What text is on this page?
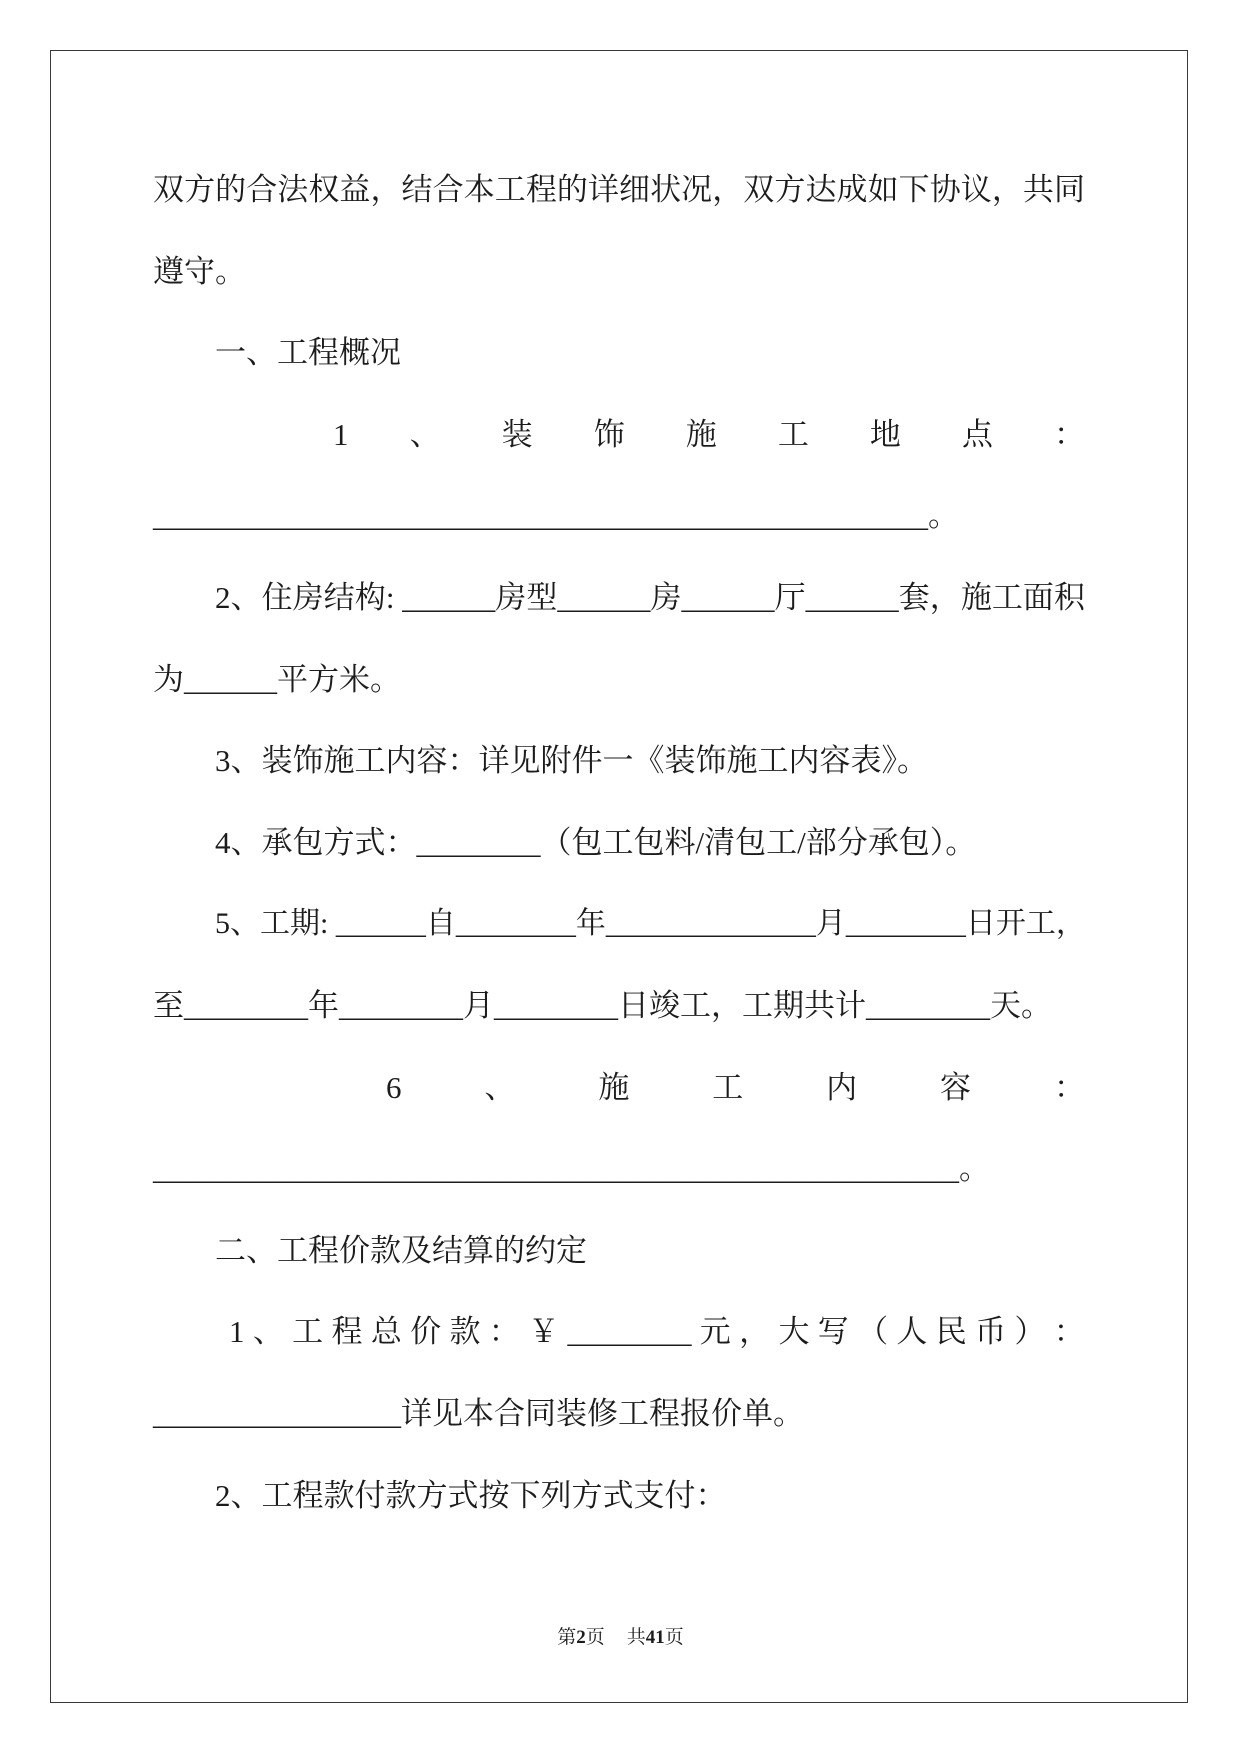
双方的合法权益，结合本工程的详细状况，双方达成如下协议，共同
遵守。
一、工程概况
1 、 装 饰 施 工 地 点 ：
__________________________________________________。
2、住房结构: ______房型______房______厅______套，施工面积
为______平方米。
3、装饰施工内容：详见附件一《装饰施工内容表》。
4、承包方式：________（包工包料/清包工/部分承包）。
5、工期: ______自________年______________月________日开工，
至________年________月________日竣工，工期共计________天。
6	、	施	工	内	容	：
____________________________________________________。
二、工程价款及结算的约定
1 、 工 程 总 价 款 ： ￥ ________ 元 ， 大 写 （ 人 民 币 ） ：
________________详见本合同装修工程报价单。
2、工程款付款方式按下列方式支付：
第2页 共41页
